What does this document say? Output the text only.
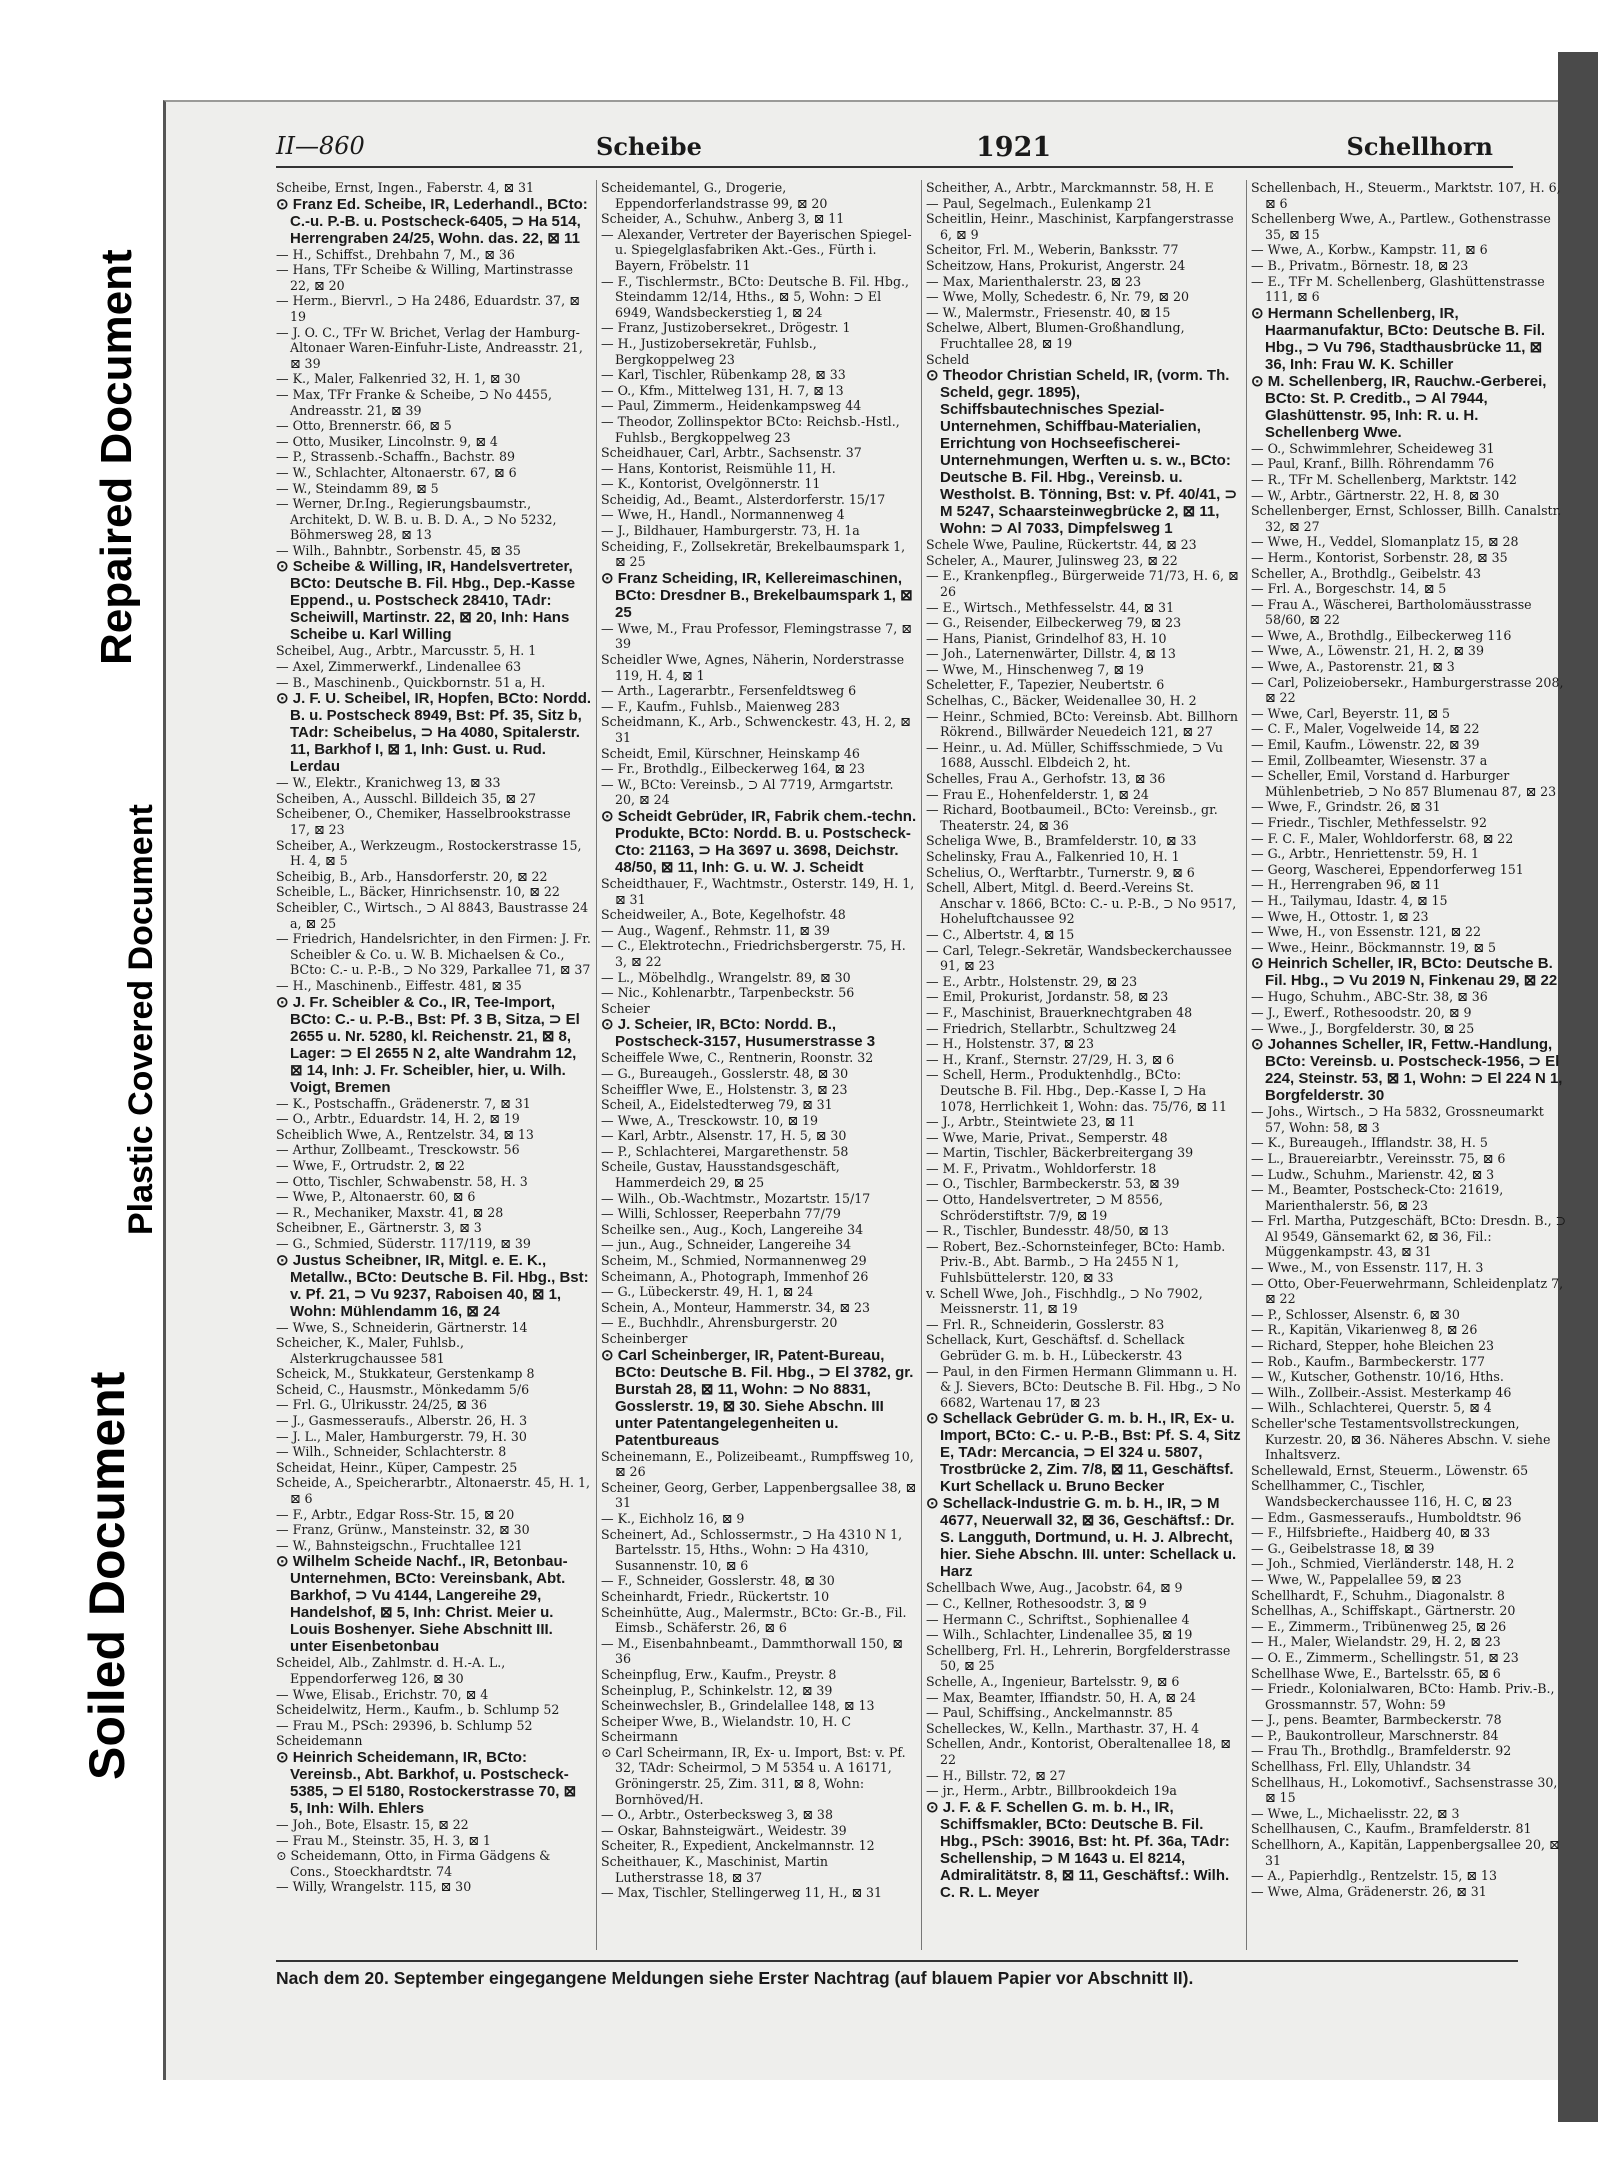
Repaired Document
Plastic Covered Document
Soiled Document
II—860	Scheibe	1921	Schellhorn

Scheibe, Ernst, Ingen., Faberstr. 4, ⊠ 31

⊙ Franz Ed. Scheibe, IR, Lederhandl., BCto: C.-u. P.-B. u. Postscheck-6405, ⊃ Ha 514, Herrengraben 24/25, Wohn. das. 22, ⊠ 11

— H., Schiffst., Drehbahn 7, M., ⊠ 36

— Hans, TFr Scheibe & Willing, Martinstrasse 22, ⊠ 20

— Herm., Biervrl., ⊃ Ha 2486, Eduardstr. 37, ⊠ 19

— J. O. C., TFr W. Brichet, Verlag der Hamburg-Altonaer Waren-Einfuhr-Liste, Andreasstr. 21, ⊠ 39

— K., Maler, Falkenried 32, H. 1, ⊠ 30

— Max, TFr Franke & Scheibe, ⊃ No 4455, Andreasstr. 21, ⊠ 39

— Otto, Brennerstr. 66, ⊠ 5

— Otto, Musiker, Lincolnstr. 9, ⊠ 4

— P., Strassenb.-Schaffn., Bachstr. 89

— W., Schlachter, Altonaerstr. 67, ⊠ 6

— W., Steindamm 89, ⊠ 5

— Werner, Dr.Ing., Regierungsbaumstr., Architekt, D. W. B. u. B. D. A., ⊃ No 5232, Böhmersweg 28, ⊠ 13

— Wilh., Bahnbtr., Sorbenstr. 45, ⊠ 35

⊙ Scheibe & Willing, IR, Handelsvertreter, BCto: Deutsche B. Fil. Hbg., Dep.-Kasse Eppend., u. Postscheck 28410, TAdr: Scheiwill, Martinstr. 22, ⊠ 20, Inh: Hans Scheibe u. Karl Willing

Scheibel, Aug., Arbtr., Marcusstr. 5, H. 1

— Axel, Zimmerwerkf., Lindenallee 63

— B., Maschinenb., Quickbornstr. 51 a, H.

⊙ J. F. U. Scheibel, IR, Hopfen, BCto: Nordd. B. u. Postscheck 8949, Bst: Pf. 35, Sitz b, TAdr: Scheibelus, ⊃ Ha 4080, Spitalerstr. 11, Barkhof I, ⊠ 1, Inh: Gust. u. Rud. Lerdau

— W., Elektr., Kranichweg 13, ⊠ 33

Scheiben, A., Ausschl. Billdeich 35, ⊠ 27

Scheibener, O., Chemiker, Hasselbrookstrasse 17, ⊠ 23

Scheiber, A., Werkzeugm., Rostockerstrasse 15, H. 4, ⊠ 5

Scheibig, B., Arb., Hansdorferstr. 20, ⊠ 22

Scheible, L., Bäcker, Hinrichsenstr. 10, ⊠ 22

Scheibler, C., Wirtsch., ⊃ Al 8843, Baustrasse 24 a, ⊠ 25

— Friedrich, Handelsrichter, in den Firmen: J. Fr. Scheibler & Co. u. W. B. Michaelsen & Co., BCto: C.- u. P.-B., ⊃ No 329, Parkallee 71, ⊠ 37

— H., Maschinenb., Eiffestr. 481, ⊠ 35

⊙ J. Fr. Scheibler & Co., IR, Tee-Import, BCto: C.- u. P.-B., Bst: Pf. 3 B, Sitza, ⊃ El 2655 u. Nr. 5280, kl. Reichenstr. 21, ⊠ 8, Lager: ⊃ El 2655 N 2, alte Wandrahm 12, ⊠ 14, Inh: J. Fr. Scheibler, hier, u. Wilh. Voigt, Bremen

— K., Postschaffn., Grädenerstr. 7, ⊠ 31

— O., Arbtr., Eduardstr. 14, H. 2, ⊠ 19

Scheiblich Wwe, A., Rentzelstr. 34, ⊠ 13

— Arthur, Zollbeamt., Tresckowstr. 56

— Wwe, F., Ortrudstr. 2, ⊠ 22

— Otto, Tischler, Schwabenstr. 58, H. 3

— Wwe, P., Altonaerstr. 60, ⊠ 6

— R., Mechaniker, Maxstr. 41, ⊠ 28

Scheibner, E., Gärtnerstr. 3, ⊠ 3

— G., Schmied, Süderstr. 117/119, ⊠ 39

⊙ Justus Scheibner, IR, Mitgl. e. E. K., Metallw., BCto: Deutsche B. Fil. Hbg., Bst: v. Pf. 21, ⊃ Vu 9237, Raboisen 40, ⊠ 1, Wohn: Mühlendamm 16, ⊠ 24

— Wwe, S., Schneiderin, Gärtnerstr. 14

Scheicher, K., Maler, Fuhlsb., Alsterkrugchaussee 581

Scheick, M., Stukkateur, Gerstenkamp 8

Scheid, C., Hausmstr., Mönkedamm 5/6

— Frl. G., Ulrikusstr. 24/25, ⊠ 36

— J., Gasmesseraufs., Alberstr. 26, H. 3

— J. L., Maler, Hamburgerstr. 79, H. 30

— Wilh., Schneider, Schlachterstr. 8

Scheidat, Heinr., Küper, Campestr. 25

Scheide, A., Speicherarbtr., Altonaerstr. 45, H. 1, ⊠ 6

— F., Arbtr., Edgar Ross-Str. 15, ⊠ 20

— Franz, Grünw., Mansteinstr. 32, ⊠ 30

— W., Bahnsteigschn., Fruchtallee 121

⊙ Wilhelm Scheide Nachf., IR, Betonbau-Unternehmen, BCto: Vereinsbank, Abt. Barkhof, ⊃ Vu 4144, Langereihe 29, Handelshof, ⊠ 5, Inh: Christ. Meier u. Louis Boshenyer. Siehe Abschnitt III. unter Eisenbetonbau

Scheidel, Alb., Zahlmstr. d. H.-A. L., Eppendorferweg 126, ⊠ 30

— Wwe, Elisab., Erichstr. 70, ⊠ 4

Scheidelwitz, Herm., Kaufm., b. Schlump 52

— Frau M., PSch: 29396, b. Schlump 52

Scheidemann

⊙ Heinrich Scheidemann, IR, BCto: Vereinsb., Abt. Barkhof, u. Postscheck-5385, ⊃ El 5180, Rostockerstrasse 70, ⊠ 5, Inh: Wilh. Ehlers

— Joh., Bote, Elsastr. 15, ⊠ 22

— Frau M., Steinstr. 35, H. 3, ⊠ 1

⊙ Scheidemann, Otto, in Firma Gädgens & Cons., Stoeckhardtstr. 74

— Willy, Wrangelstr. 115, ⊠ 30

Scheidemantel, G., Drogerie, Eppendorferlandstrasse 99, ⊠ 20

Scheider, A., Schuhw., Anberg 3, ⊠ 11

— Alexander, Vertreter der Bayerischen Spiegel- u. Spiegelglasfabriken Akt.-Ges., Fürth i. Bayern, Fröbelstr. 11

— F., Tischlermstr., BCto: Deutsche B. Fil. Hbg., Steindamm 12/14, Hths., ⊠ 5, Wohn: ⊃ El 6949, Wandsbeckerstieg 1, ⊠ 24

— Franz, Justizobersekret., Drögestr. 1

— H., Justizobersekretär, Fuhlsb., Bergkoppelweg 23

— Karl, Tischler, Rübenkamp 28, ⊠ 33

— O., Kfm., Mittelweg 131, H. 7, ⊠ 13

— Paul, Zimmerm., Heidenkampsweg 44

— Theodor, Zollinspektor BCto: Reichsb.-Hstl., Fuhlsb., Bergkoppelweg 23

Scheidhauer, Carl, Arbtr., Sachsenstr. 37

— Hans, Kontorist, Reismühle 11, H.

— K., Kontorist, Ovelgönnerstr. 11

Scheidig, Ad., Beamt., Alsterdorferstr. 15/17

— Wwe, H., Handl., Normannenweg 4

— J., Bildhauer, Hamburgerstr. 73, H. 1a

Scheiding, F., Zollsekretär, Brekelbaumspark 1, ⊠ 25

⊙ Franz Scheiding, IR, Kellereimaschinen, BCto: Dresdner B., Brekelbaumspark 1, ⊠ 25

— Wwe, M., Frau Professor, Flemingstrasse 7, ⊠ 39

Scheidler Wwe, Agnes, Näherin, Norderstrasse 119, H. 4, ⊠ 1

— Arth., Lagerarbtr., Fersenfeldtsweg 6

— F., Kaufm., Fuhlsb., Maienweg 283

Scheidmann, K., Arb., Schwenckestr. 43, H. 2, ⊠ 31

Scheidt, Emil, Kürschner, Heinskamp 46

— Fr., Brothdlg., Eilbeckerweg 164, ⊠ 23

— W., BCto: Vereinsb., ⊃ Al 7719, Armgartstr. 20, ⊠ 24

⊙ Scheidt Gebrüder, IR, Fabrik chem.-techn. Produkte, BCto: Nordd. B. u. Postscheck-Cto: 21163, ⊃ Ha 3697 u. 3698, Deichstr. 48/50, ⊠ 11, Inh: G. u. W. J. Scheidt

Scheidthauer, F., Wachtmstr., Osterstr. 149, H. 1, ⊠ 31

Scheidweiler, A., Bote, Kegelhofstr. 48

— Aug., Wagenf., Rehmstr. 11, ⊠ 39

— C., Elektrotechn., Friedrichsbergerstr. 75, H. 3, ⊠ 22

— L., Möbelhdlg., Wrangelstr. 89, ⊠ 30

— Nic., Kohlenarbtr., Tarpenbeckstr. 56

Scheier

⊙ J. Scheier, IR, BCto: Nordd. B., Postscheck-3157, Husumerstrasse 3

Scheiffele Wwe, C., Rentnerin, Roonstr. 32

— G., Bureaugeh., Gosslerstr. 48, ⊠ 30

Scheiffler Wwe, E., Holstenstr. 3, ⊠ 23

Scheil, A., Eidelstedterweg 79, ⊠ 31

— Wwe, A., Tresckowstr. 10, ⊠ 19

— Karl, Arbtr., Alsenstr. 17, H. 5, ⊠ 30

— P., Schlachterei, Margarethenstr. 58

Scheile, Gustav, Hausstandsgeschäft, Hammerdeich 29, ⊠ 25

— Wilh., Ob.-Wachtmstr., Mozartstr. 15/17

— Willi, Schlosser, Reeperbahn 77/79

Scheilke sen., Aug., Koch, Langereihe 34

— jun., Aug., Schneider, Langereihe 34

Scheim, M., Schmied, Normannenweg 29

Scheimann, A., Photograph, Immenhof 26

— G., Lübeckerstr. 49, H. 1, ⊠ 24

Schein, A., Monteur, Hammerstr. 34, ⊠ 23

— E., Buchhdlr., Ahrensburgerstr. 20

Scheinberger

⊙ Carl Scheinberger, IR, Patent-Bureau, BCto: Deutsche B. Fil. Hbg., ⊃ El 3782, gr. Burstah 28, ⊠ 11, Wohn: ⊃ No 8831, Gosslerstr. 19, ⊠ 30. Siehe Abschn. III unter Patentangelegenheiten u. Patentbureaus

Scheinemann, E., Polizeibeamt., Rumpffsweg 10, ⊠ 26

Scheiner, Georg, Gerber, Lappenbergsallee 38, ⊠ 31

— K., Eichholz 16, ⊠ 9

Scheinert, Ad., Schlossermstr., ⊃ Ha 4310 N 1, Bartelsstr. 15, Hths., Wohn: ⊃ Ha 4310, Susannenstr. 10, ⊠ 6

— F., Schneider, Gosslerstr. 48, ⊠ 30

Scheinhardt, Friedr., Rückertstr. 10

Scheinhütte, Aug., Malermstr., BCto: Gr.-B., Fil. Eimsb., Schäferstr. 26, ⊠ 6

— M., Eisenbahnbeamt., Dammthorwall 150, ⊠ 36

Scheinpflug, Erw., Kaufm., Preystr. 8

Scheinplug, P., Schinkelstr. 12, ⊠ 39

Scheinwechsler, B., Grindelallee 148, ⊠ 13

Scheiper Wwe, B., Wielandstr. 10, H. C

Scheirmann

⊙ Carl Scheirmann, IR, Ex- u. Import, Bst: v. Pf. 32, TAdr: Scheirmol, ⊃ M 5354 u. A 16171, Gröningerstr. 25, Zim. 311, ⊠ 8, Wohn: Bornhöved/H.

— O., Arbtr., Osterbecksweg 3, ⊠ 38

— Oskar, Bahnsteigwärt., Weidestr. 39

Scheiter, R., Expedient, Anckelmannstr. 12

Scheithauer, K., Maschinist, Martin Lutherstrasse 18, ⊠ 37

— Max, Tischler, Stellingerweg 11, H., ⊠ 31

Scheither, A., Arbtr., Marckmannstr. 58, H. E

— Paul, Segelmach., Eulenkamp 21

Scheitlin, Heinr., Maschinist, Karpfangerstrasse 6, ⊠ 9

Scheitor, Frl. M., Weberin, Banksstr. 77

Scheitzow, Hans, Prokurist, Angerstr. 24

— Max, Marienthalerstr. 23, ⊠ 23

— Wwe, Molly, Schedestr. 6, Nr. 79, ⊠ 20

— W., Malermstr., Friesenstr. 40, ⊠ 15

Schelwe, Albert, Blumen-Großhandlung, Fruchtallee 28, ⊠ 19

Scheld

⊙ Theodor Christian Scheld, IR, (vorm. Th. Scheld, gegr. 1895), Schiffsbautechnisches Spezial-Unternehmen, Schiffbau-Materialien, Errichtung von Hochseefischerei-Unternehmungen, Werften u. s. w., BCto: Deutsche B. Fil. Hbg., Vereinsb. u. Westholst. B. Tönning, Bst: v. Pf. 40/41, ⊃ M 5247, Schaarsteinwegbrücke 2, ⊠ 11, Wohn: ⊃ Al 7033, Dimpfelsweg 1

Schele Wwe, Pauline, Rückertstr. 44, ⊠ 23

Scheler, A., Maurer, Julinsweg 23, ⊠ 22

— E., Krankenpfleg., Bürgerweide 71/73, H. 6, ⊠ 26

— E., Wirtsch., Methfesselstr. 44, ⊠ 31

— G., Reisender, Eilbeckerweg 79, ⊠ 23

— Hans, Pianist, Grindelhof 83, H. 10

— Joh., Laternenwärter, Dillstr. 4, ⊠ 13

— Wwe, M., Hinschenweg 7, ⊠ 19

Scheletter, F., Tapezier, Neubertstr. 6

Schelhas, C., Bäcker, Weidenallee 30, H. 2

— Heinr., Schmied, BCto: Vereinsb. Abt. Billhorn Rökrend., Billwärder Neuedeich 121, ⊠ 27

— Heinr., u. Ad. Müller, Schiffsschmiede, ⊃ Vu 1688, Ausschl. Elbdeich 2, ht.

Schelles, Frau A., Gerhofstr. 13, ⊠ 36

— Frau E., Hohenfelderstr. 1, ⊠ 24

— Richard, Bootbaumeil., BCto: Vereinsb., gr. Theaterstr. 24, ⊠ 36

Scheliga Wwe, B., Bramfelderstr. 10, ⊠ 33

Schelinsky, Frau A., Falkenried 10, H. 1

Schelius, O., Werftarbtr., Turnerstr. 9, ⊠ 6

Schell, Albert, Mitgl. d. Beerd.-Vereins St. Anschar v. 1866, BCto: C.- u. P.-B., ⊃ No 9517, Hoheluftchaussee 92

— C., Albertstr. 4, ⊠ 15

— Carl, Telegr.-Sekretär, Wandsbeckerchaussee 91, ⊠ 23

— E., Arbtr., Holstenstr. 29, ⊠ 23

— Emil, Prokurist, Jordanstr. 58, ⊠ 23

— F., Maschinist, Brauerknechtgraben 48

— Friedrich, Stellarbtr., Schultzweg 24

— H., Holstenstr. 37, ⊠ 23

— H., Kranf., Sternstr. 27/29, H. 3, ⊠ 6

— Schell, Herm., Produktenhdlg., BCto: Deutsche B. Fil. Hbg., Dep.-Kasse I, ⊃ Ha 1078, Herrlichkeit 1, Wohn: das. 75/76, ⊠ 11

— J., Arbtr., Steintwiete 23, ⊠ 11

— Wwe, Marie, Privat., Semperstr. 48

— Martin, Tischler, Bäckerbreitergang 39

— M. F., Privatm., Wohldorferstr. 18

— O., Tischler, Barmbeckerstr. 53, ⊠ 39

— Otto, Handelsvertreter, ⊃ M 8556, Schröderstiftstr. 7/9, ⊠ 19

— R., Tischler, Bundesstr. 48/50, ⊠ 13

— Robert, Bez.-Schornsteinfeger, BCto: Hamb. Priv.-B., Abt. Barmb., ⊃ Ha 2455 N 1, Fuhlsbüttelerstr. 120, ⊠ 33

v. Schell Wwe, Joh., Fischhdlg., ⊃ No 7902, Meissnerstr. 11, ⊠ 19

— Frl. R., Schneiderin, Gosslerstr. 83

Schellack, Kurt, Geschäftsf. d. Schellack Gebrüder G. m. b. H., Lübeckerstr. 43

— Paul, in den Firmen Hermann Glimmann u. H. & J. Sievers, BCto: Deutsche B. Fil. Hbg., ⊃ No 6682, Wartenau 17, ⊠ 23

⊙ Schellack Gebrüder G. m. b. H., IR, Ex- u. Import, BCto: C.- u. P.-B., Bst: Pf. S. 4, Sitz E, TAdr: Mercancia, ⊃ El 324 u. 5807, Trostbrücke 2, Zim. 7/8, ⊠ 11, Geschäftsf. Kurt Schellack u. Bruno Becker

⊙ Schellack-Industrie G. m. b. H., IR, ⊃ M 4677, Neuerwall 32, ⊠ 36, Geschäftsf.: Dr. S. Langguth, Dortmund, u. H. J. Albrecht, hier. Siehe Abschn. III. unter: Schellack u. Harz

Schellbach Wwe, Aug., Jacobstr. 64, ⊠ 9

— C., Kellner, Rothesoodstr. 3, ⊠ 9

— Hermann C., Schriftst., Sophienallee 4

— Wilh., Schlachter, Lindenallee 35, ⊠ 19

Schellberg, Frl. H., Lehrerin, Borgfelderstrasse 50, ⊠ 25

Schelle, A., Ingenieur, Bartelsstr. 9, ⊠ 6

— Max, Beamter, Iffiandstr. 50, H. A, ⊠ 24

— Paul, Schiffsing., Anckelmannstr. 85

Schelleckes, W., Kelln., Marthastr. 37, H. 4

Schellen, Andr., Kontorist, Oberaltenallee 18, ⊠ 22

— H., Billstr. 72, ⊠ 27

— jr., Herm., Arbtr., Billbrookdeich 19a

⊙ J. F. & F. Schellen G. m. b. H., IR, Schiffsmakler, BCto: Deutsche B. Fil. Hbg., PSch: 39016, Bst: ht. Pf. 36a, TAdr: Schellenship, ⊃ M 1643 u. El 8214, Admiralitätstr. 8, ⊠ 11, Geschäftsf.: Wilh. C. R. L. Meyer

Schellenbach, H., Steuerm., Marktstr. 107, H. 6, ⊠ 6

Schellenberg Wwe, A., Partlew., Gothenstrasse 35, ⊠ 15

— Wwe, A., Korbw., Kampstr. 11, ⊠ 6

— B., Privatm., Börnestr. 18, ⊠ 23

— E., TFr M. Schellenberg, Glashüttenstrasse 111, ⊠ 6

⊙ Hermann Schellenberg, IR, Haarmanufaktur, BCto: Deutsche B. Fil. Hbg., ⊃ Vu 796, Stadthausbrücke 11, ⊠ 36, Inh: Frau W. K. Schiller

⊙ M. Schellenberg, IR, Rauchw.-Gerberei, BCto: St. P. Creditb., ⊃ Al 7944, Glashüttenstr. 95, Inh: R. u. H. Schellenberg Wwe.

— O., Schwimmlehrer, Scheideweg 31

— Paul, Kranf., Billh. Röhrendamm 76

— R., TFr M. Schellenberg, Marktstr. 142

— W., Arbtr., Gärtnerstr. 22, H. 8, ⊠ 30

Schellenberger, Ernst, Schlosser, Billh. Canalstr. 32, ⊠ 27

— Wwe, H., Veddel, Slomanplatz 15, ⊠ 28

— Herm., Kontorist, Sorbenstr. 28, ⊠ 35

Scheller, A., Brothdlg., Geibelstr. 43

— Frl. A., Borgeschstr. 14, ⊠ 5

— Frau A., Wäscherei, Bartholomäusstrasse 58/60, ⊠ 22

— Wwe, A., Brothdlg., Eilbeckerweg 116

— Wwe, A., Löwenstr. 21, H. 2, ⊠ 39

— Wwe, A., Pastorenstr. 21, ⊠ 3

— Carl, Polizeiobersekr., Hamburgerstrasse 208, ⊠ 22

— Wwe, Carl, Beyerstr. 11, ⊠ 5

— C. F., Maler, Vogelweide 14, ⊠ 22

— Emil, Kaufm., Löwenstr. 22, ⊠ 39

— Emil, Zollbeamter, Wiesenstr. 37 a

— Scheller, Emil, Vorstand d. Harburger Mühlenbetrieb, ⊃ No 857 Blumenau 87, ⊠ 23

— Wwe, F., Grindstr. 26, ⊠ 31

— Friedr., Tischler, Methfesselstr. 92

— F. C. F., Maler, Wohldorferstr. 68, ⊠ 22

— G., Arbtr., Henriettenstr. 59, H. 1

— Georg, Wascherei, Eppendorferweg 151

— H., Herrengraben 96, ⊠ 11

— H., Tailymau, Idastr. 4, ⊠ 15

— Wwe, H., Ottostr. 1, ⊠ 23

— Wwe, H., von Essenstr. 121, ⊠ 22

— Wwe., Heinr., Böckmannstr. 19, ⊠ 5

⊙ Heinrich Scheller, IR, BCto: Deutsche B. Fil. Hbg., ⊃ Vu 2019 N, Finkenau 29, ⊠ 22

— Hugo, Schuhm., ABC-Str. 38, ⊠ 36

— J., Ewerf., Rothesoodstr. 20, ⊠ 9

— Wwe., J., Borgfelderstr. 30, ⊠ 25

⊙ Johannes Scheller, IR, Fettw.-Handlung, BCto: Vereinsb. u. Postscheck-1956, ⊃ El 224, Steinstr. 53, ⊠ 1, Wohn: ⊃ El 224 N 1, Borgfelderstr. 30

— Johs., Wirtsch., ⊃ Ha 5832, Grossneumarkt 57, Wohn: 58, ⊠ 3

— K., Bureaugeh., Ifflandstr. 38, H. 5

— L., Brauereiarbtr., Vereinsstr. 75, ⊠ 6

— Ludw., Schuhm., Marienstr. 42, ⊠ 3

— M., Beamter, Postscheck-Cto: 21619, Marienthalerstr. 56, ⊠ 23

— Frl. Martha, Putzgeschäft, BCto: Dresdn. B., ⊃ Al 9549, Gänsemarkt 62, ⊠ 36, Fil.: Müggenkampstr. 43, ⊠ 31

— Wwe., M., von Essenstr. 117, H. 3

— Otto, Ober-Feuerwehrmann, Schleidenplatz 7, ⊠ 22

— P., Schlosser, Alsenstr. 6, ⊠ 30

— R., Kapitän, Vikarienweg 8, ⊠ 26

— Richard, Stepper, hohe Bleichen 23

— Rob., Kaufm., Barmbeckerstr. 177

— W., Kutscher, Gothenstr. 10/16, Hths.

— Wilh., Zollbeir.-Assist. Mesterkamp 46

— Wilh., Schlachterei, Querstr. 5, ⊠ 4

Scheller'sche Testamentsvollstreckungen, Kurzestr. 20, ⊠ 36. Näheres Abschn. V. siehe Inhaltsverz.

Schellewald, Ernst, Steuerm., Löwenstr. 65

Schellhammer, C., Tischler, Wandsbeckerchaussee 116, H. C, ⊠ 23

— Edm., Gasmesseraufs., Humboldtstr. 96

— F., Hilfsbriefte., Haidberg 40, ⊠ 33

— G., Geibelstrasse 18, ⊠ 39

— Joh., Schmied, Vierländerstr. 148, H. 2

— Wwe, W., Pappelallee 59, ⊠ 23

Schellhardt, F., Schuhm., Diagonalstr. 8

Schellhas, A., Schiffskapt., Gärtnerstr. 20

— E., Zimmerm., Tribünenweg 25, ⊠ 26

— H., Maler, Wielandstr. 29, H. 2, ⊠ 23

— O. E., Zimmerm., Schellingstr. 51, ⊠ 23

Schellhase Wwe, E., Bartelsstr. 65, ⊠ 6

— Friedr., Kolonialwaren, BCto: Hamb. Priv.-B., Grossmannstr. 57, Wohn: 59

— J., pens. Beamter, Barmbeckerstr. 78

— P., Baukontrolleur, Marschnerstr. 84

— Frau Th., Brothdlg., Bramfelderstr. 92

Schellhass, Frl. Elly, Uhlandstr. 34

Schellhaus, H., Lokomotivf., Sachsenstrasse 30, ⊠ 15

— Wwe, L., Michaelisstr. 22, ⊠ 3

Schellhausen, C., Kaufm., Bramfelderstr. 81

Schellhorn, A., Kapitän, Lappenbergsallee 20, ⊠ 31

— A., Papierhdlg., Rentzelstr. 15, ⊠ 13

— Wwe, Alma, Grädenerstr. 26, ⊠ 31

Nach dem 20. September eingegangene Meldungen siehe Erster Nachtrag (auf blauem Papier vor Abschnitt II).
